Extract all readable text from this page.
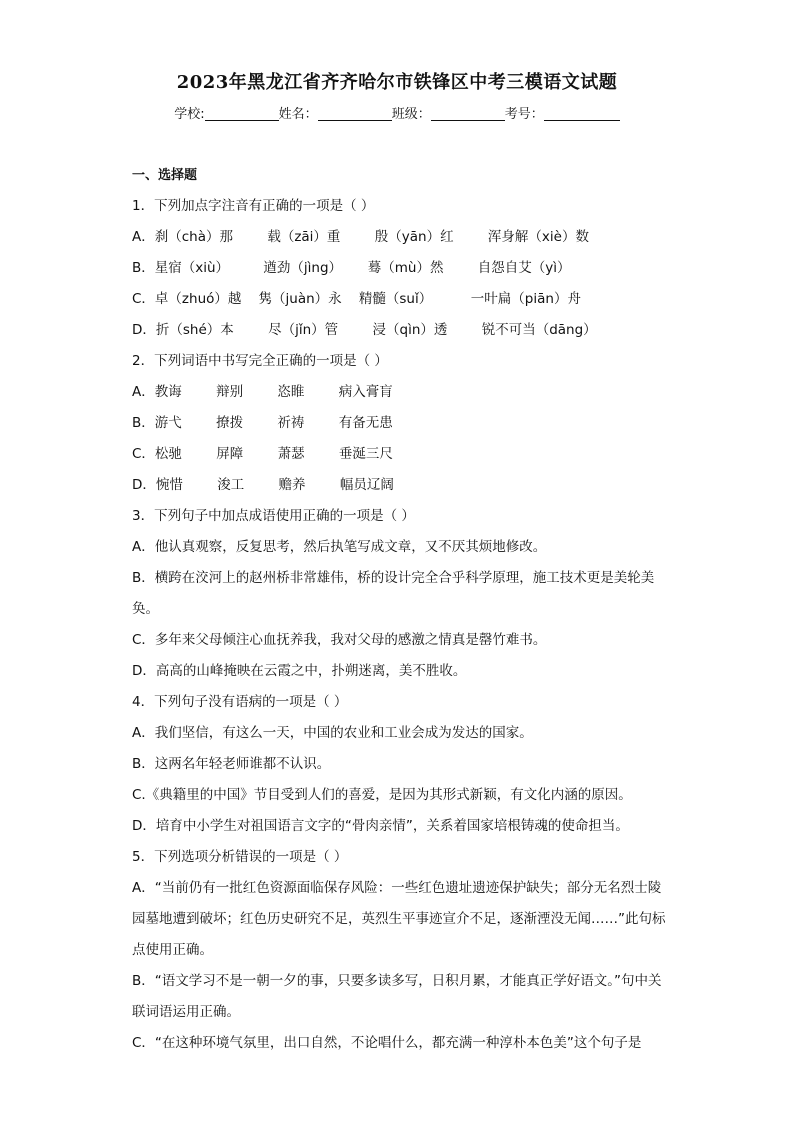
2023年黑龙江省齐齐哈尔市铁锋区中考三模语文试题
学校:	姓名：	班级：	考号：

一、选择题

1．下列加点字注音有正确的一项是（ ）

A．刹（chà）那        载（zāi）重        殷（yān）红        浑身解（xiè）数

B．星宿（xiù）        遒劲（jìng）      蓦（mù）然        自怨自艾（yì）

C．卓（zhuó）越    隽（juàn）永    精髓（suǐ）         一叶扁（piān）舟

D．折（shé）本        尽（jǐn）管        浸（qìn）透        锐不可当（dāng）

2．下列词语中书写完全正确的一项是（ ）

A．教诲        辩别        恣睢        病入膏肓

B．游弋        撩拨        祈祷        有备无患

C．松驰        屏障        萧瑟        垂涎三尺

D．惋惜        浚工        赡养        幅员辽阔

3．下列句子中加点成语使用正确的一项是（ ）

A．他认真观察，反复思考，然后执笔写成文章，又不厌其烦地修改。

B．横跨在洨河上的赵州桥非常雄伟，桥的设计完全合乎科学原理，施工技术更是美轮美奂。

C．多年来父母倾注心血抚养我，我对父母的感激之情真是罄竹难书。

D．高高的山峰掩映在云霞之中，扑朔迷离，美不胜收。

4．下列句子没有语病的一项是（ ）

A．我们坚信，有这么一天，中国的农业和工业会成为发达的国家。

B．这两名年轻老师谁都不认识。

C.《典籍里的中国》节目受到人们的喜爱，是因为其形式新颖，有文化内涵的原因。

D．培育中小学生对祖国语言文字的“骨肉亲情”，关系着国家培根铸魂的使命担当。

5．下列选项分析错误的一项是（ ）

A．“当前仍有一批红色资源面临保存风险：一些红色遗址遗迹保护缺失；部分无名烈士陵园墓地遭到破坏；红色历史研究不足，英烈生平事迹宣介不足，逐渐湮没无闻……”此句标点使用正确。

B．“语文学习不是一朝一夕的事，只要多读多写，日积月累，才能真正学好语文。”句中关联词语运用正确。

C．“在这种环境气氛里，出口自然，不论唱什么，都充满一种淳朴本色美”这个句子是
